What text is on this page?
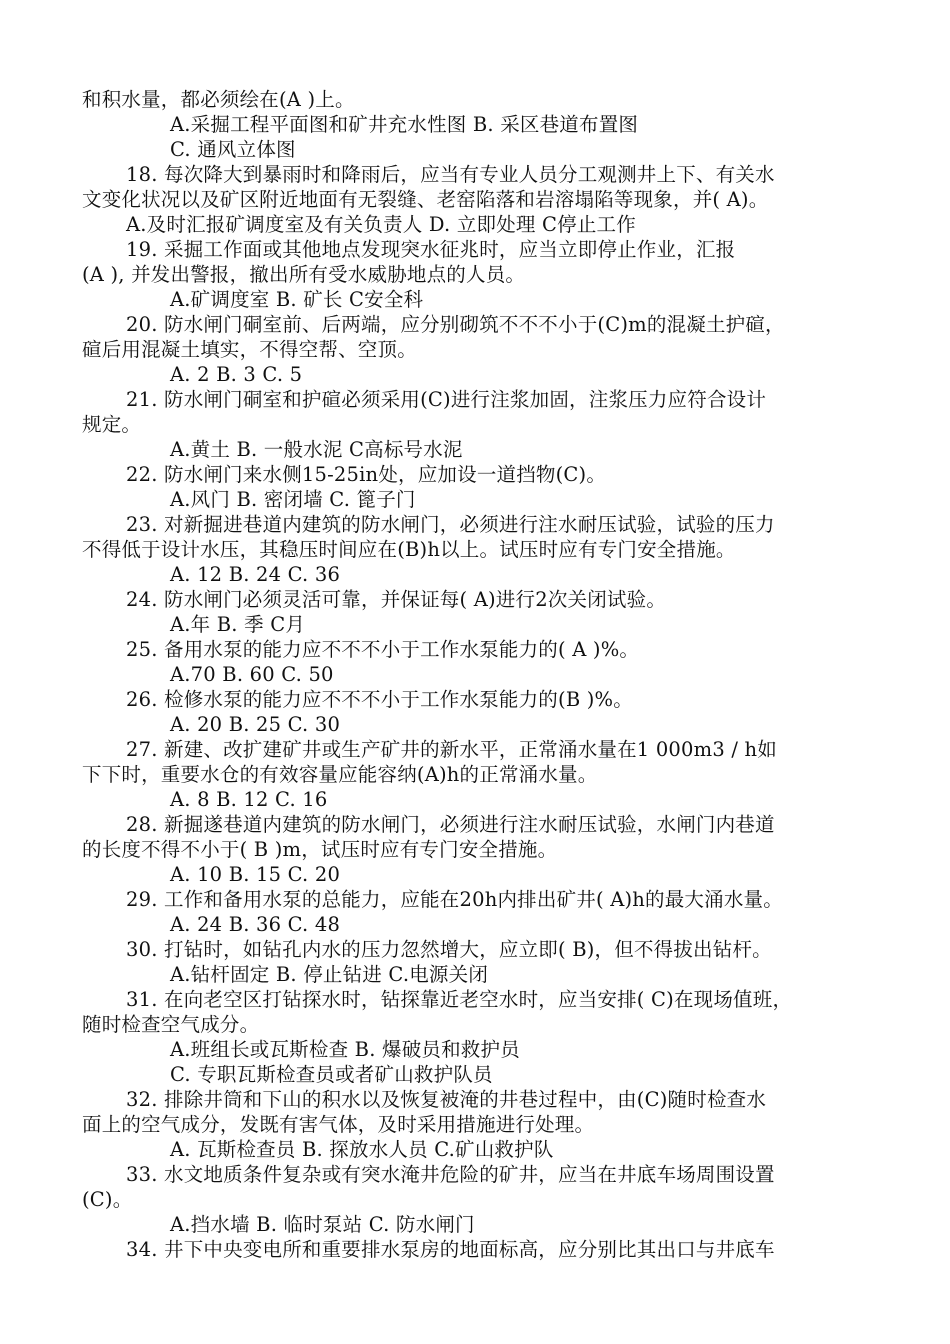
和积水量，都必须绘在(A )上。
A.采掘工程平面图和矿井充水性图 B. 采区巷道布置图
C. 通风立体图
18. 每次降大到暴雨时和降雨后，应当有专业人员分工观测井上下、有关水
文变化状况以及矿区附近地面有无裂缝、老窑陷落和岩溶塌陷等现象，并( A)。
A.及时汇报矿调度室及有关负责人 D. 立即处理 C停止工作
19. 采掘工作面或其他地点发现突水征兆时，应当立即停止作业，汇报
(A ), 并发出警报，撤出所有受水威胁地点的人员。
A.矿调度室 B. 矿长 C安全科
20. 防水闸门硐室前、后两端，应分别砌筑不不不小于(C)m的混凝土护碹，
碹后用混凝土填实，不得空帮、空顶。
A. 2 B. 3 C. 5
21. 防水闸门硐室和护碹必须采用(C)进行注浆加固，注浆压力应符合设计
规定。
A.黄土 B. 一般水泥 C高标号水泥
22. 防水闸门来水侧15-25in处，应加设一道挡物(C)。
A.风门 B. 密闭墙 C. 篦子门
23. 对新掘进巷道内建筑的防水闸门，必须进行注水耐压试验，试验的压力
不得低于设计水压，其稳压时间应在(B)h以上。试压时应有专门安全措施。
A. 12 B. 24 C. 36
24. 防水闸门必须灵活可靠，并保证每( A)进行2次关闭试验。
A.年 B. 季 C月
25. 备用水泵的能力应不不不小于工作水泵能力的( A )%。
A.70 B. 60 C. 50
26. 检修水泵的能力应不不不小于工作水泵能力的(B )%。
A. 20 B. 25 C. 30
27. 新建、改扩建矿井或生产矿井的新水平，正常涌水量在1 000m3 / h如
下下时，重要水仓的有效容量应能容纳(A)h的正常涌水量。
A. 8 B. 12 C. 16
28. 新掘遂巷道内建筑的防水闸门，必须进行注水耐压试验，水闸门内巷道
的长度不得不小于( B )m，试压时应有专门安全措施。
A. 10 B. 15 C. 20
29. 工作和备用水泵的总能力，应能在20h内排出矿井( A)h的最大涌水量。
A. 24 B. 36 C. 48
30. 打钻时，如钻孔内水的压力忽然增大，应立即( B)，但不得拔出钻杆。
A.钻杆固定 B. 停止钻进 C.电源关闭
31. 在向老空区打钻探水时，钻探靠近老空水时，应当安排( C)在现场值班，
随时检查空气成分。
A.班组长或瓦斯检查 B. 爆破员和救护员
C. 专职瓦斯检查员或者矿山救护队员
32. 排除井筒和下山的积水以及恢复被淹的井巷过程中，由(C)随时检查水
面上的空气成分，发既有害气体，及时采用措施进行处理。
A. 瓦斯检查员 B. 探放水人员 C.矿山救护队
33. 水文地质条件复杂或有突水淹井危险的矿井，应当在井底车场周围设置
(C)。
A.挡水墙 B. 临时泵站 C. 防水闸门
34. 井下中央变电所和重要排水泵房的地面标高，应分别比其出口与井底车
